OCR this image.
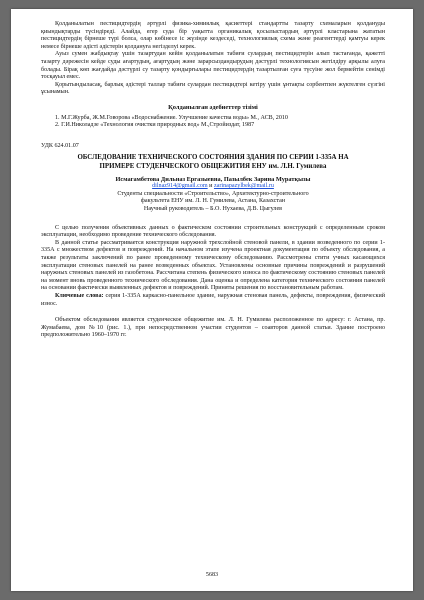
Қолданылатын пестицидтердің әртүрлі физика-химиялық қасиеттері стандартты тазарту схемаларын қолдануды қиындықтарды түсіндіреді. Алайда, егер суда бір уақытта органикалық қосылыстардың әртүрлі кластарына жататын пестицидтердің бірнеше түрі болса, олар көбінесе іс жүзінде кездеседі, технологиялық схема және реагенттерді қамтуы керек немесе бірнеше әдісті әдістерін қолдануға негізделуі керек.

Ауыз сумен жабдықтау үшін тазартудан кейін қолданылатын табиғи сулардың пестицидтерін алып тастағанда, қажетті тазарту дәрежесін кейде суды ағартудың, ағартудың және зарарсыздандырудың дәстүрлі технологиясын жетілдіру арқылы алуға болады. Бірақ көп жағдайда дәстүрлі су тазарту қондырғылары пестицидтердің тазартылған суға түсуіне жол бермейтін сенімді тосқауыл емес.

Қорытындыласақ, барлық әдістері таллар табиғи сулардан пестицидтері кетіру үшін ұнтақты сорбентпен жүктелген сүзгіні ұсынамын.

Қолданылған әдебиеттер тізімі

1. М.Г.Журба, Ж.М.Говорова «Водоснабжение. Улучшение качества воды» М., АСВ, 2010

2. Г.И.Николадзе «Технология очистки природных вод» М.,Стройиздат, 1987

УДК 624.01.07

ОБСЛЕДОВАНИЕ ТЕХНИЧЕСКОГО СОСТОЯНИЯ ЗДАНИЯ ПО СЕРИИ 1-335А НА
ПРИМЕРЕ СТУДЕНЧЕСКОГО ОБЩЕЖИТИЯ ЕНУ им. Л.Н. Гумилева
Исмагамбетова Дильназ Ергазыевна, Пазылбек Зарина Муратқызы
dilnaz914@gmail.com и zarinapazylbek@mail.ru
Студенты специальности «Строительство», Архитектурно-строительного
факультета ЕНУ им. Л. Н. Гумилева, Астана, Казахстан
Научный руководитель – Б.О. Нухаева, Д.В. Цыгулев

С целью получения объективных данных о фактическом состоянии строительных конструкций с определенным сроком эксплуатации, необходимо проведение технического обследования.

В данной статье рассматривается конструкция наружной трехслойной стеновой панели, в здании возведенного по серии 1-335А с множеством дефектов и повреждений. На начальном этапе изучена проектная документация по объекту обследования, а также результаты заключений по ранее проведенному техническому обследованию. Рассмотрены стити учных касающихся эксплуатации стеновых панелей на ранее возведенных объектах. Установлены основные причины повреждений и разрушений наружных стеновых панелей из газобетона. Рассчитана степень физического износа по фактическому состоянию стеновых панелей на момент вновь проведенного технического обследования. Дана оценка и определена категория технического состояния панелей на основании фактически выявленных дефектов и повреждений. Приняты решения по восстановительным работам.

Ключевые слова: серия 1-335А каркасно-панельное здание, наружная стеновая панель, дефекты, повреждения, физический износ.

Объектом обследования является студенческое общежитие им. Л. Н. Гумилева расположенное по адресу: г. Астана, пр. Жумабаева, дом №10 (рис. 1.), при непосредственном участии студентов – соавторов данной статьи. Здание построено предположительно 1960–1970 гг.

5683
